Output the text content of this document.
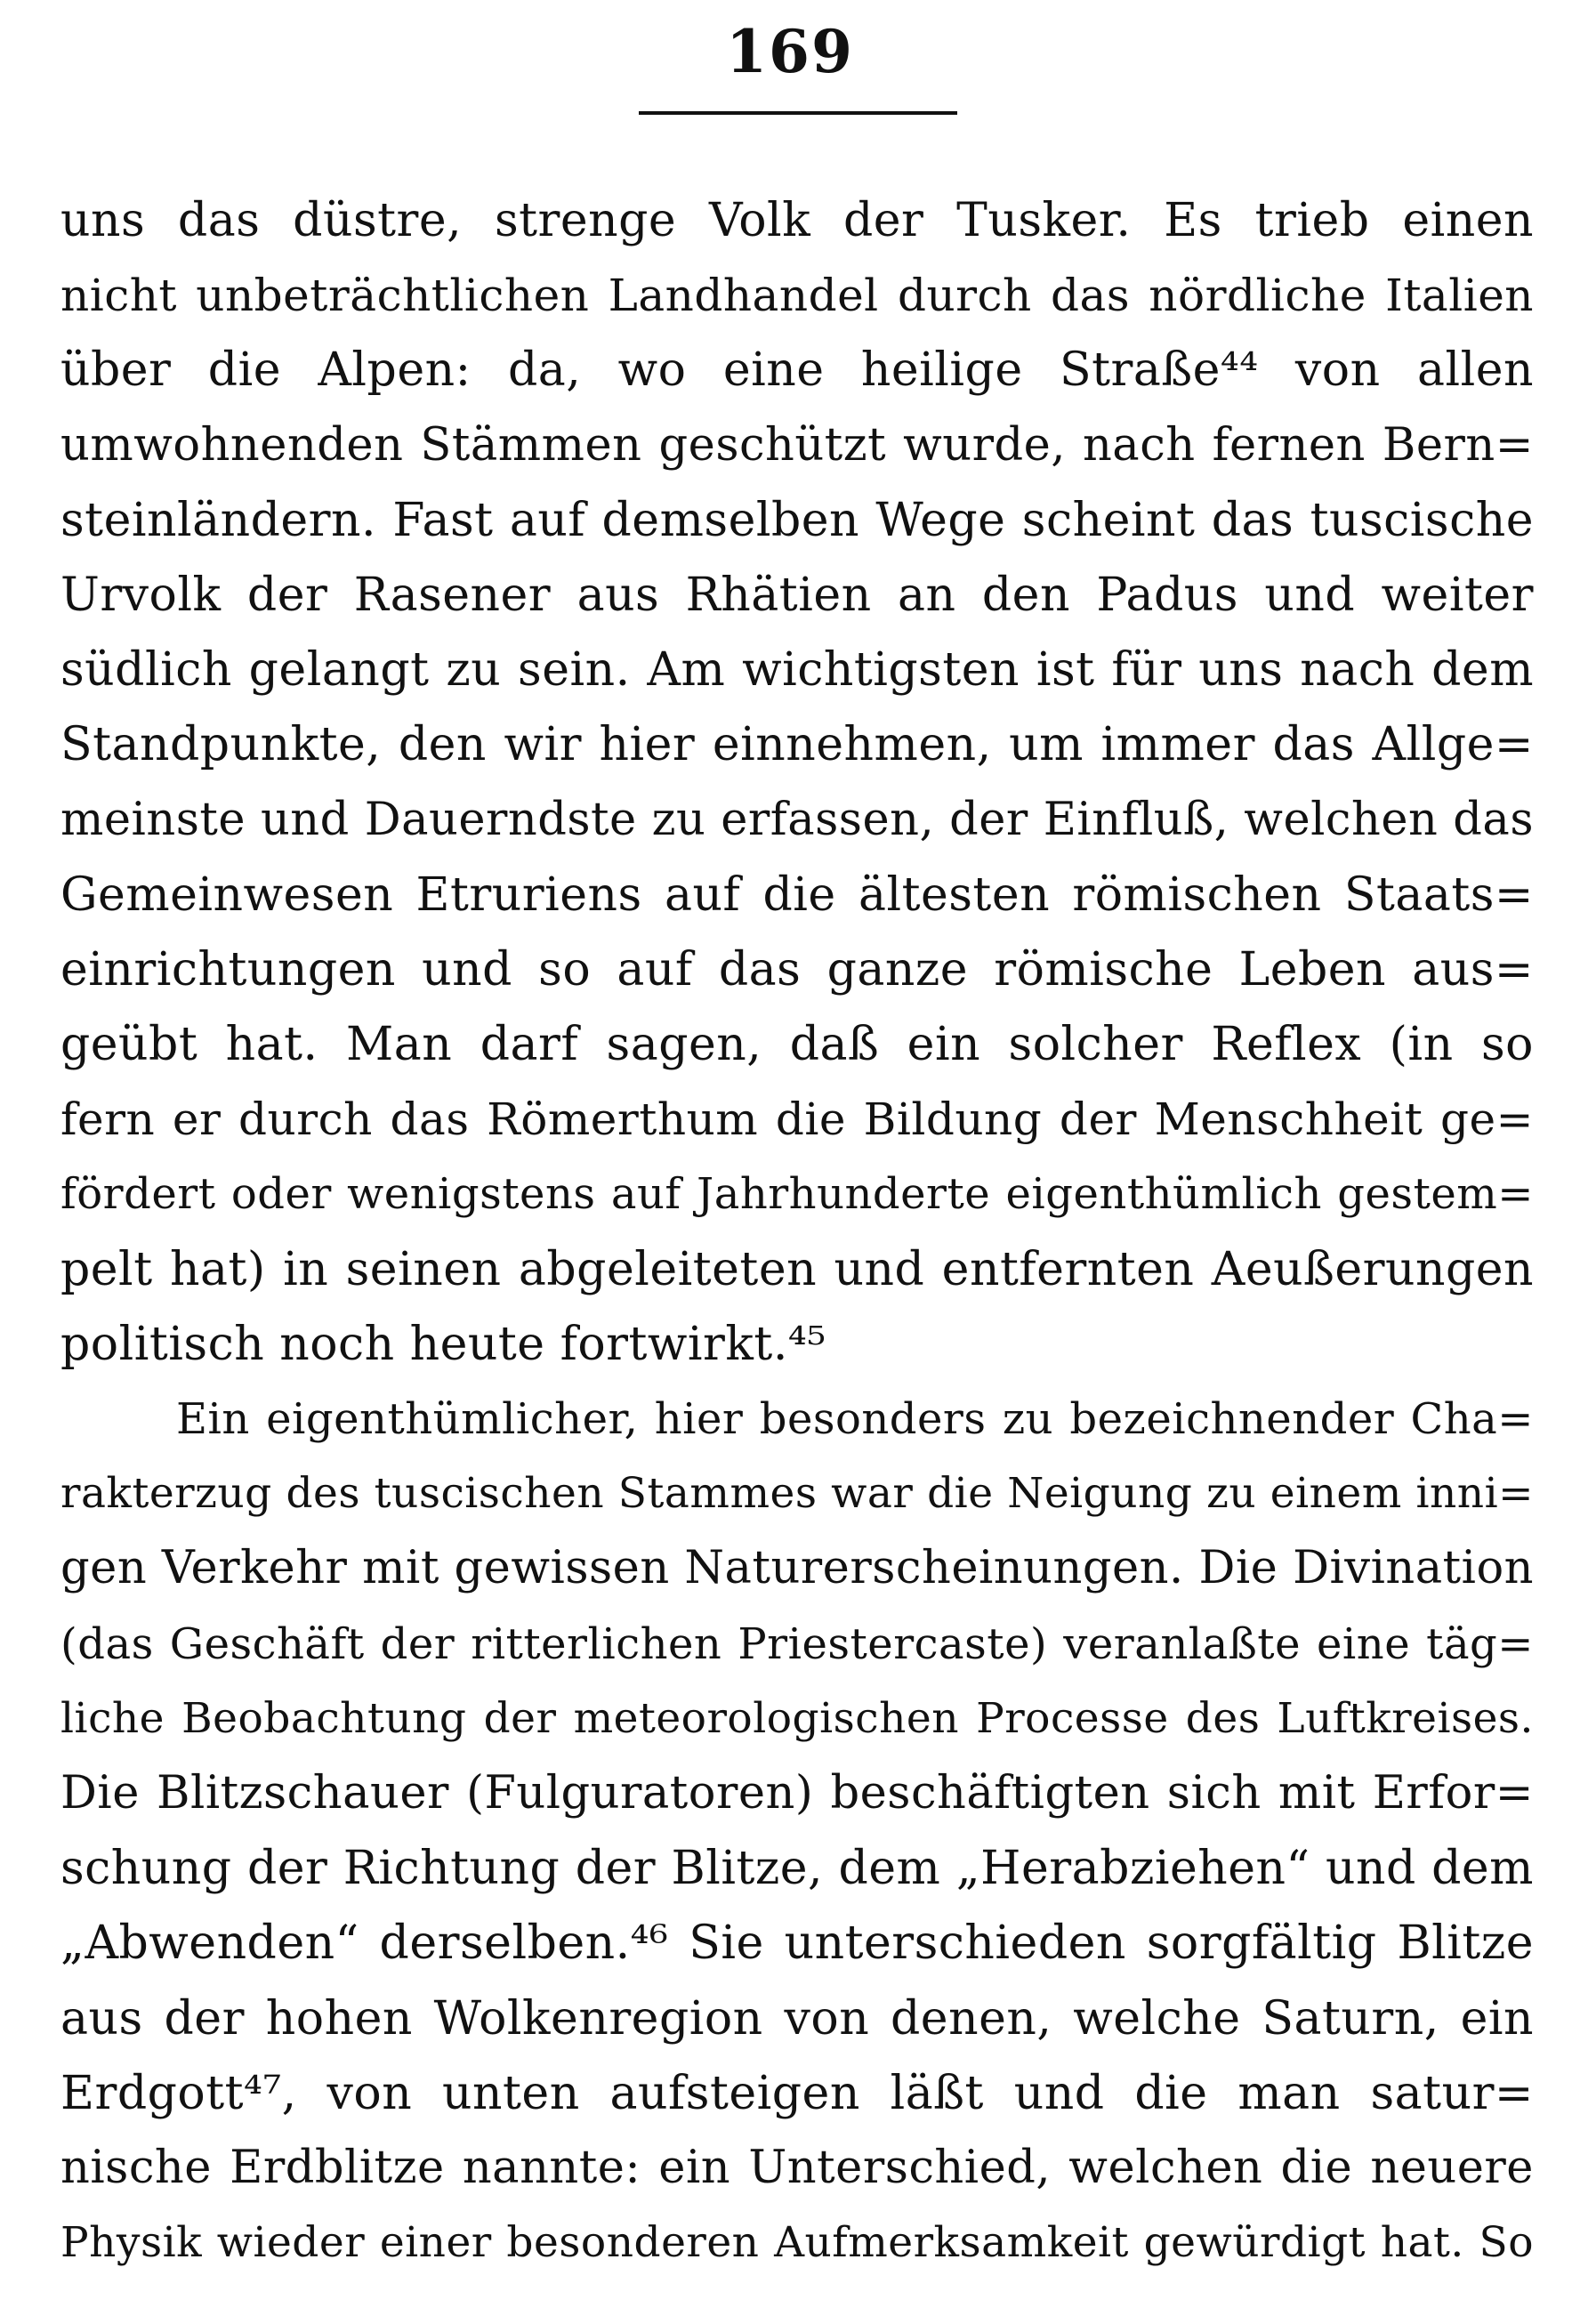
169
uns das düstre, strenge Volk der Tusker. Es trieb einen
nicht unbeträchtlichen Landhandel durch das nördliche Italien
über die Alpen: da, wo eine heilige Straße⁴⁴ von allen
umwohnenden Stämmen geschützt wurde, nach fernen Bern=
steinländern. Fast auf demselben Wege scheint das tuscische
Urvolk der Rasener aus Rhätien an den Padus und weiter
südlich gelangt zu sein. Am wichtigsten ist für uns nach dem
Standpunkte, den wir hier einnehmen, um immer das Allge=
meinste und Dauerndste zu erfassen, der Einfluß, welchen das
Gemeinwesen Etruriens auf die ältesten römischen Staats=
einrichtungen und so auf das ganze römische Leben aus=
geübt hat. Man darf sagen, daß ein solcher Reflex (in so
fern er durch das Römerthum die Bildung der Menschheit ge=
fördert oder wenigstens auf Jahrhunderte eigenthümlich gestem=
pelt hat) in seinen abgeleiteten und entfernten Aeußerungen
politisch noch heute fortwirkt.⁴⁵
Ein eigenthümlicher, hier besonders zu bezeichnender Cha=
rakterzug des tuscischen Stammes war die Neigung zu einem inni=
gen Verkehr mit gewissen Naturerscheinungen. Die Divination
(das Geschäft der ritterlichen Priestercaste) veranlaßte eine täg=
liche Beobachtung der meteorologischen Processe des Luftkreises.
Die Blitzschauer (Fulguratoren) beschäftigten sich mit Erfor=
schung der Richtung der Blitze, dem „Herabziehen“ und dem
„Abwenden“ derselben.⁴⁶ Sie unterschieden sorgfältig Blitze
aus der hohen Wolkenregion von denen, welche Saturn, ein
Erdgott⁴⁷, von unten aufsteigen läßt und die man satur=
nische Erdblitze nannte: ein Unterschied, welchen die neuere
Physik wieder einer besonderen Aufmerksamkeit gewürdigt hat. So
